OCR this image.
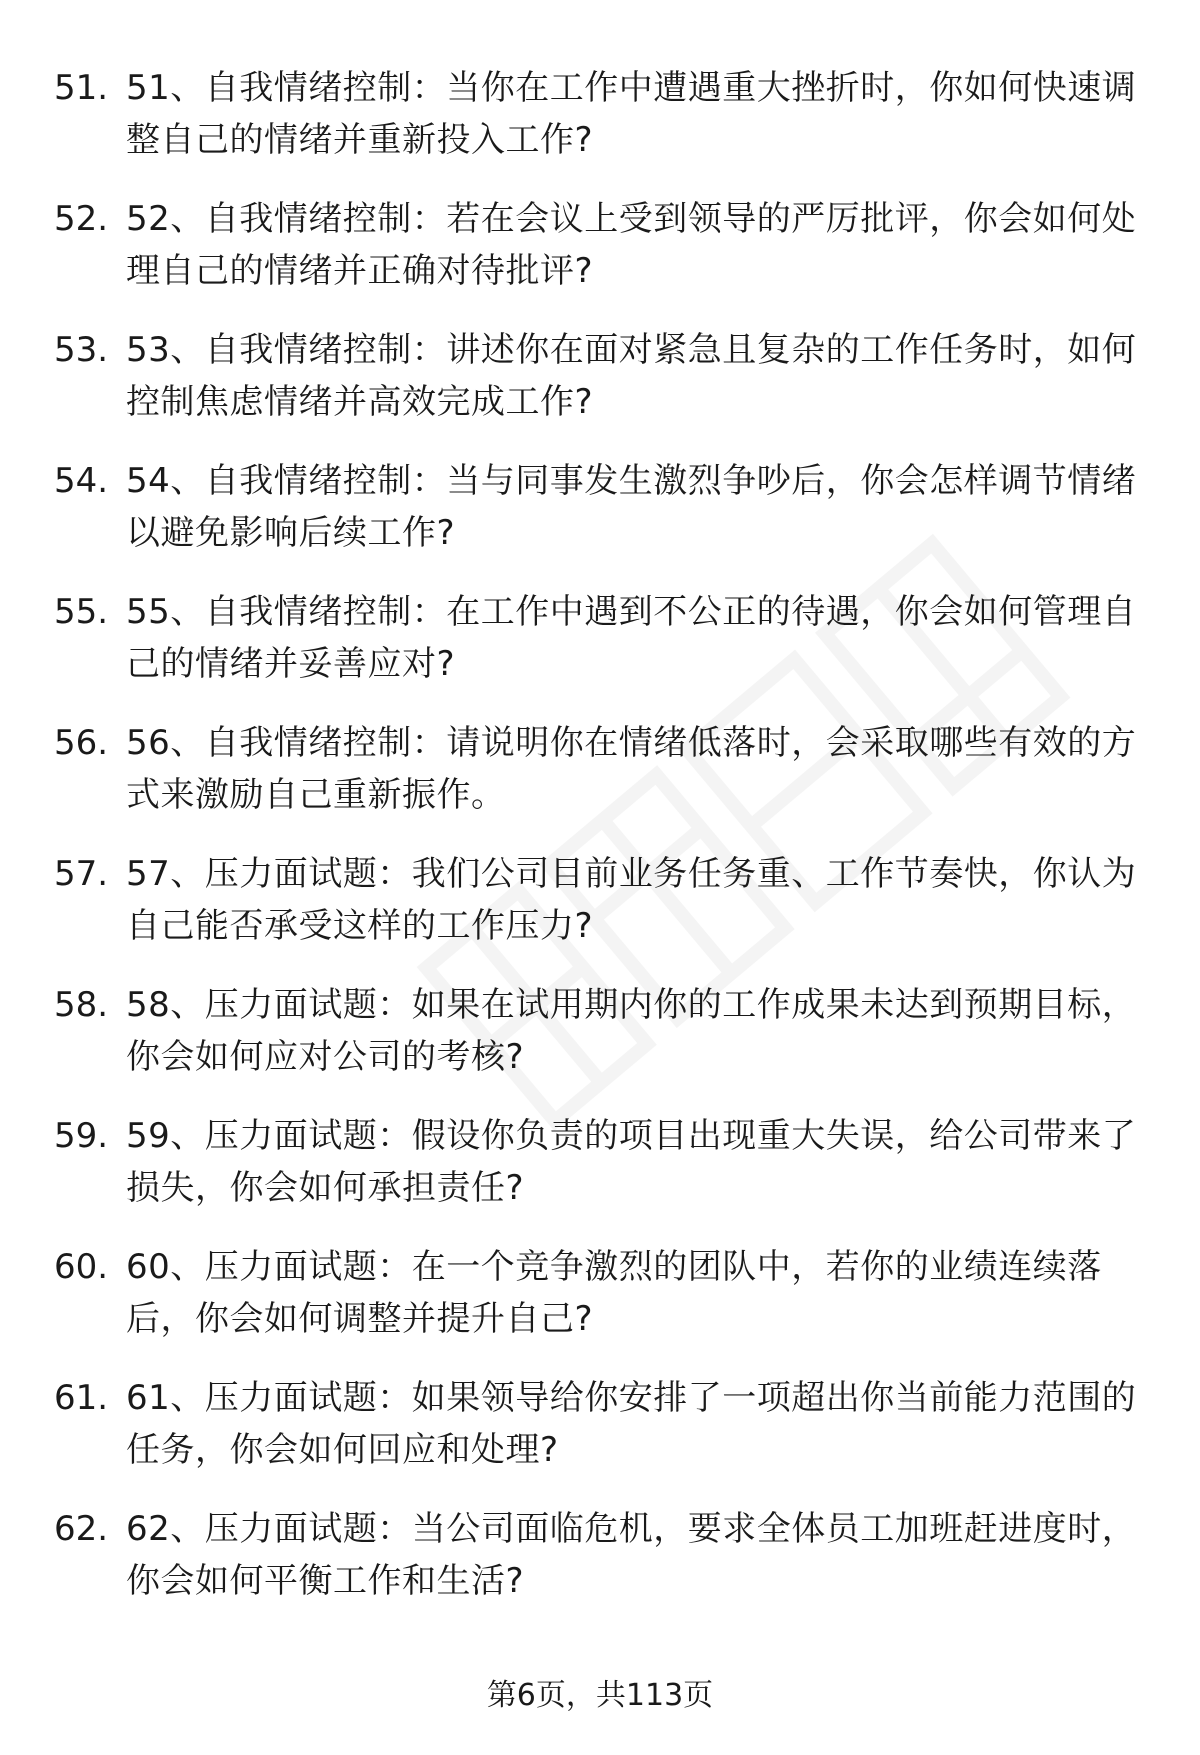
51. 51、自我情绪控制：当你在工作中遭遇重大挫折时，你如何快速调整自己的情绪并重新投入工作?
52. 52、自我情绪控制：若在会议上受到领导的严厉批评，你会如何处理自己的情绪并正确对待批评?
53. 53、自我情绪控制：讲述你在面对紧急且复杂的工作任务时，如何控制焦虑情绪并高效完成工作?
54. 54、自我情绪控制：当与同事发生激烈争吵后，你会怎样调节情绪以避免影响后续工作?
55. 55、自我情绪控制：在工作中遇到不公正的待遇，你会如何管理自己的情绪并妥善应对?
56. 56、自我情绪控制：请说明你在情绪低落时，会采取哪些有效的方式来激励自己重新振作。
57. 57、压力面试题：我们公司目前业务任务重、工作节奏快，你认为自己能否承受这样的工作压力?
58. 58、压力面试题：如果在试用期内你的工作成果未达到预期目标，你会如何应对公司的考核?
59. 59、压力面试题：假设你负责的项目出现重大失误，给公司带来了损失，你会如何承担责任?
60. 60、压力面试题：在一个竞争激烈的团队中，若你的业绩连续落后，你会如何调整并提升自己?
61. 61、压力面试题：如果领导给你安排了一项超出你当前能力范围的任务，你会如何回应和处理?
62. 62、压力面试题：当公司面临危机，要求全体员工加班赶进度时，你会如何平衡工作和生活?
第6页，共113页
